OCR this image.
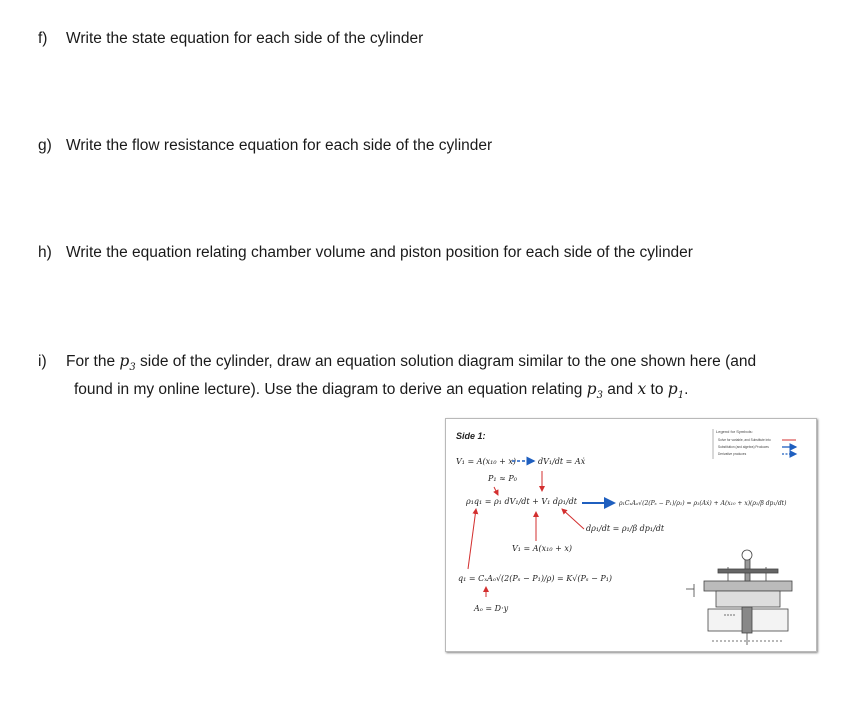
f) Write the state equation for each side of the cylinder
g) Write the flow resistance equation for each side of the cylinder
h) Write the equation relating chamber volume and piston position for each side of the cylinder
i) For the $p_3$ side of the cylinder, draw an equation solution diagram similar to the one shown here (and
found in my online lecture). Use the diagram to derive an equation relating $p_3$ and x to $p_1$.
Side 1:	Legend for Symbols:
Solve for variable, and Substitute into
Substitution (and algebra) Produces
Derivative produces
V₁ = A(x₁₀ + x)	dV₁/dt = Aẋ
P₁ ≈ P₀
ρ₁q₁ = ρ₁ dV₁/dt + V₁ dρ₁/dt	ρ₁CₓAₒ√(2(Pₛ − P₁)/ρ₁) = ρ₁(Aẋ) + A(x₁₀ + x)(ρ₁/β dp₁/dt)
dρ₁/dt = ρ₁/β dp₁/dt
V₁ = A(x₁₀ + x)
q₁ = CₓAₒ√(2(Pₛ − P₁)/ρ) = K√(Pₛ − P₁)
Aₒ = D·y
